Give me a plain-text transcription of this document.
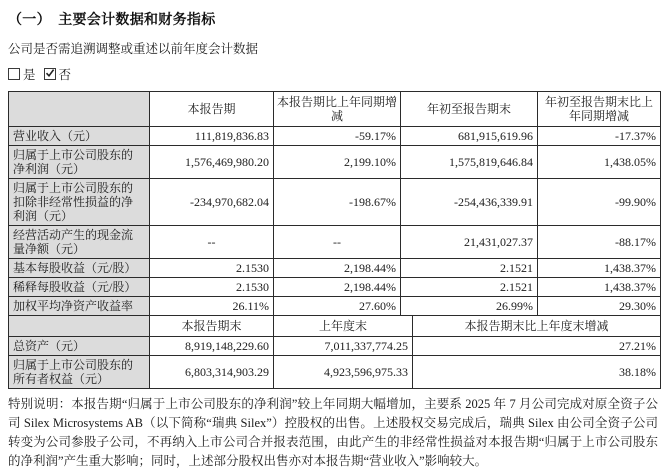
（一）　主要会计数据和财务指标
公司是否需追溯调整或重述以前年度会计数据
是 否
	本报告期	本报告期比上年同期增减	年初至报告期末	年初至报告期末比上年同期增减
营业收入（元）	111,819,836.83	-59.17%	681,915,619.96	-17.37%
归属于上市公司股东的净利润（元）	1,576,469,980.20	2,199.10%	1,575,819,646.84	1,438.05%
归属于上市公司股东的扣除非经常性损益的净利润（元）	-234,970,682.04	-198.67%	-254,436,339.91	-99.90%
经营活动产生的现金流量净额（元）	--	--	21,431,027.37	-88.17%
基本每股收益（元/股）	2.1530	2,198.44%	2.1521	1,438.37%
稀释每股收益（元/股）	2.1530	2,198.44%	2.1521	1,438.37%
加权平均净资产收益率	26.11%	27.60%	26.99%	29.30%
	本报告期末	上年度末	本报告期末比上年度末增减
总资产（元）	8,919,148,229.60	7,011,337,774.25	27.21%
归属于上市公司股东的所有者权益（元）	6,803,314,903.29	4,923,596,975.33	38.18%

特别说明：本报告期“归属于上市公司股东的净利润”较上年同期大幅增加，主要系 2025 年 7 月公司完成对原全资子公司 Silex Microsystems AB（以下简称“瑞典 Silex”）控股权的出售。上述股权交易完成后，瑞典 Silex 由公司全资子公司转变为公司参股子公司，不再纳入上市公司合并报表范围，由此产生的非经常性损益对本报告期“归属于上市公司股东的净利润”产生重大影响；同时，上述部分股权出售亦对本报告期“营业收入”影响较大。
